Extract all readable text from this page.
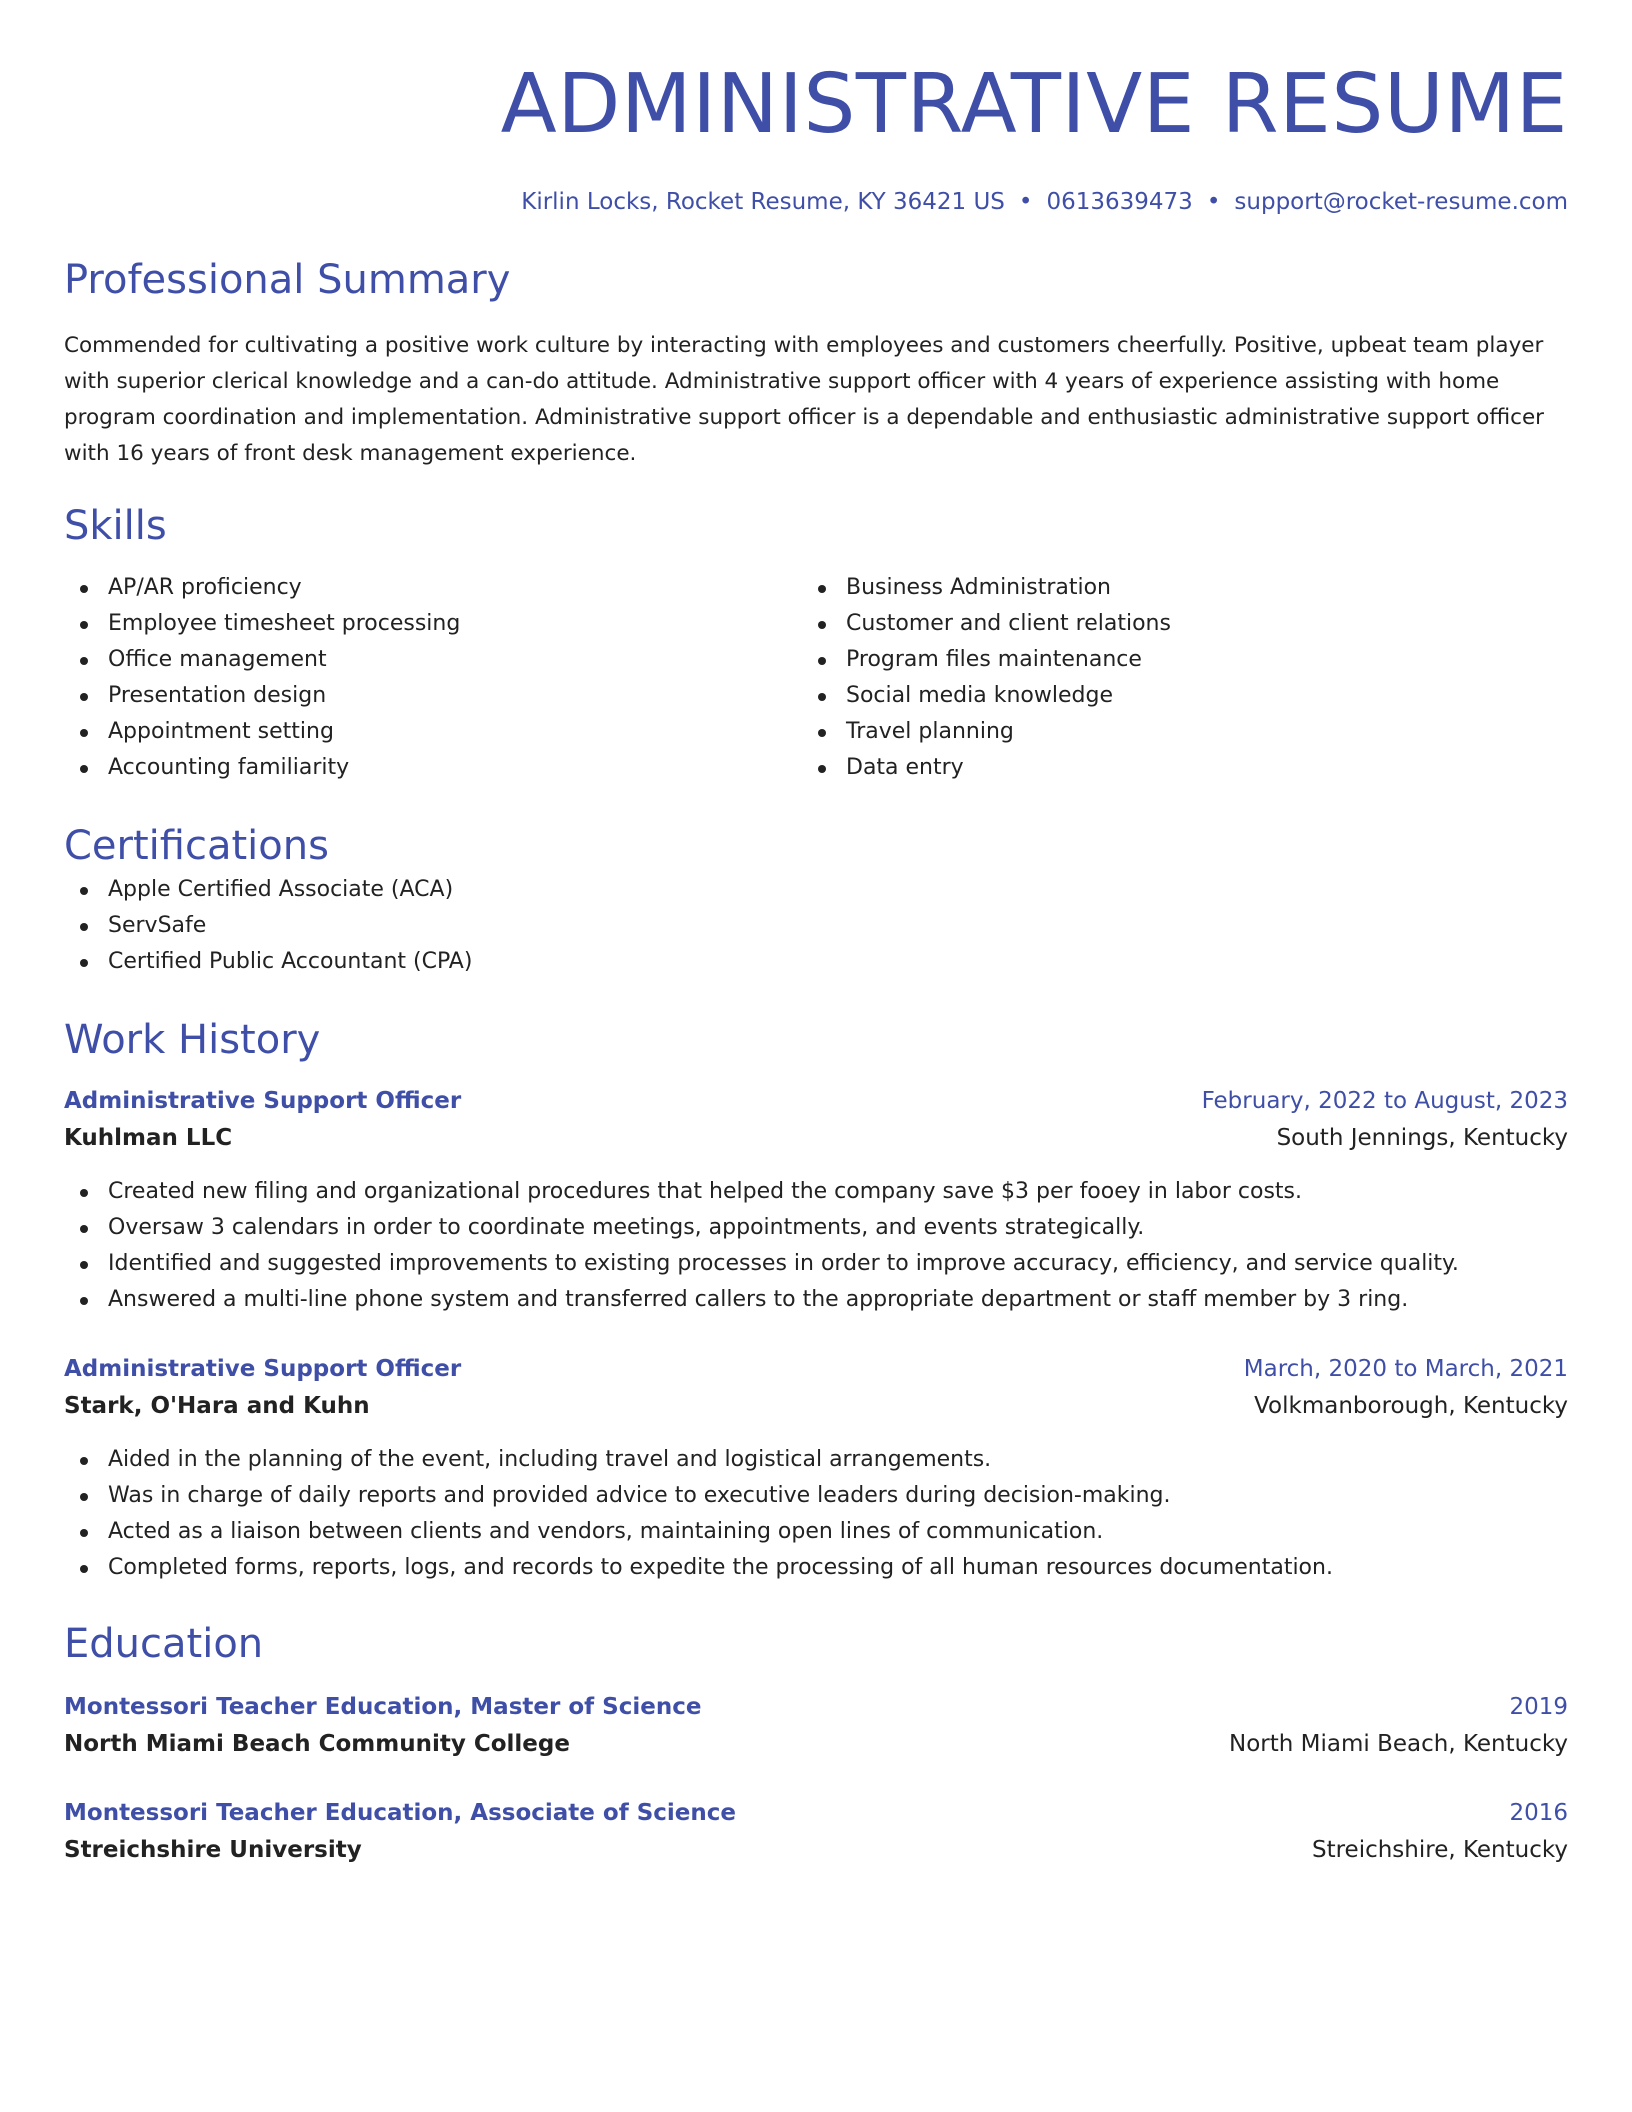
ADMINISTRATIVE RESUME
Kirlin Locks, Rocket Resume, KY 36421 US • 0613639473 • support@rocket-resume.com
Professional Summary

Commended for cultivating a positive work culture by interacting with employees and customers cheerfully. Positive, upbeat team player with superior clerical knowledge and a can-do attitude. Administrative support officer with 4 years of experience assisting with home program coordination and implementation. Administrative support officer is a dependable and enthusiastic administrative support officer with 16 years of front desk management experience.

Skills
AP/AR proficiency
Employee timesheet processing
Office management
Presentation design
Appointment setting
Accounting familiarity
Business Administration
Customer and client relations
Program files maintenance
Social media knowledge
Travel planning
Data entry
Certifications
Apple Certified Associate (ACA)
ServSafe
Certified Public Accountant (CPA)
Work History
Administrative Support Officer	February, 2022 to August, 2023
Kuhlman LLC	South Jennings, Kentucky
Created new filing and organizational procedures that helped the company save $3 per fooey in labor costs.
Oversaw 3 calendars in order to coordinate meetings, appointments, and events strategically.
Identified and suggested improvements to existing processes in order to improve accuracy, efficiency, and service quality.
Answered a multi-line phone system and transferred callers to the appropriate department or staff member by 3 ring.
Administrative Support Officer	March, 2020 to March, 2021
Stark, O'Hara and Kuhn	Volkmanborough, Kentucky
Aided in the planning of the event, including travel and logistical arrangements.
Was in charge of daily reports and provided advice to executive leaders during decision-making.
Acted as a liaison between clients and vendors, maintaining open lines of communication.
Completed forms, reports, logs, and records to expedite the processing of all human resources documentation.
Education
Montessori Teacher Education, Master of Science	2019
North Miami Beach Community College	North Miami Beach, Kentucky
Montessori Teacher Education, Associate of Science	2016
Streichshire University	Streichshire, Kentucky
